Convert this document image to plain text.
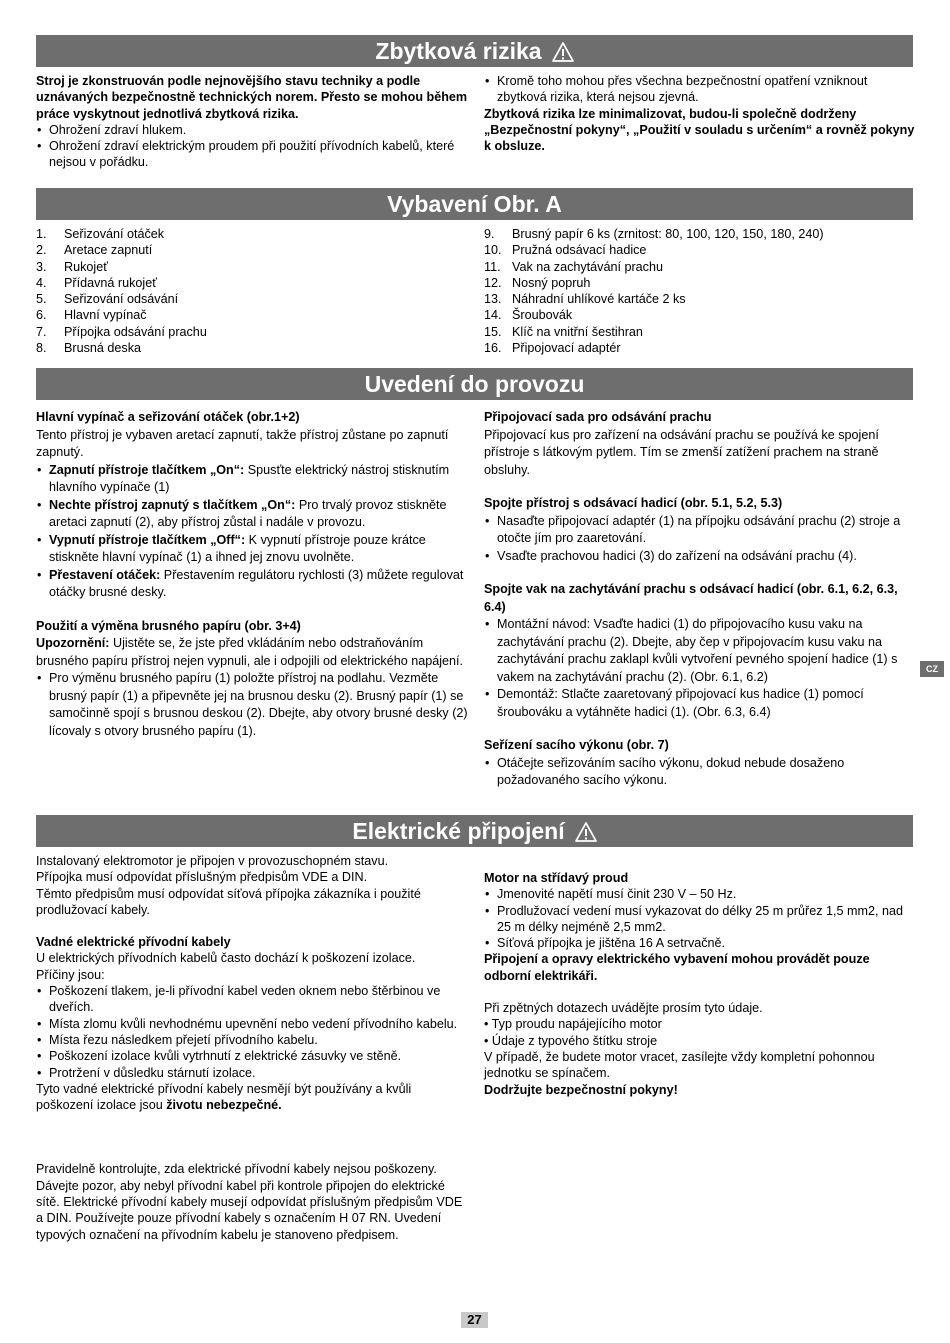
Zbytková rizika

Stroj je zkonstruován podle nejnovějšího stavu techniky a podle uznávaných bezpečnostně technických norem. Přesto se mohou během práce vyskytnout jednotlivá zbytková rizika.

• Ohrožení zdraví hlukem.
• Ohrožení zdraví elektrickým proudem při použití přívodních kabelů, které nejsou v pořádku.
• Kromě toho mohou přes všechna bezpečnostní opatření vzniknout zbytková rizika, která nejsou zjevná.

Zbytková rizika lze minimalizovat, budou-li společně dodrženy „Bezpečnostní pokyny“, „Použití v souladu s určením“ a rovněž pokyny k obsluze.

Vybavení Obr. A
1.	Seřizování otáček
2.	Aretace zapnutí
3.	Rukojeť
4.	Přídavná rukojeť
5.	Seřizování odsávání
6.	Hlavní vypínač
7.	Přípojka odsávání prachu
8.	Brusná deska
9.	Brusný papír 6 ks (zrnitost: 80, 100, 120, 150, 180, 240)
10. Pružná odsávací hadice
11. Vak na zachytávání prachu
12. Nosný popruh
13. Náhradní uhlíkové kartáče 2 ks
14. Šroubovák
15. Klíč na vnitřní šestihran
16. Připojovací adaptér
Uvedení do provozu

Hlavní vypínač a seřizování otáček (obr.1+2)

Tento přístroj je vybaven aretací zapnutí, takže přístroj zůstane po zapnutí zapnutý.

• Zapnutí přístroje tlačítkem „On“: Spusťte elektrický nástroj stisknutím hlavního vypínače (1)
• Nechte přístroj zapnutý s tlačítkem „On“: Pro trvalý provoz stiskněte aretaci zapnutí (2), aby přístroj zůstal i nadále v provozu.
• Vypnutí přístroje tlačítkem „Off“: K vypnutí přístroje pouze krátce stiskněte hlavní vypínač (1) a ihned jej znovu uvolněte.
• Přestavení otáček: Přestavením regulátoru rychlosti (3) můžete regulovat otáčky brusné desky.

Použití a výměna brusného papíru (obr. 3+4)

Upozornění: Ujistěte se, že jste před vkládáním nebo odstraňováním brusného papíru přístroj nejen vypnuli, ale i odpojili od elektrického napájení.

• Pro výměnu brusného papíru (1) položte přístroj na podlahu. Vezměte brusný papír (1) a připevněte jej na brusnou desku (2). Brusný papír (1) se samočinně spojí s brusnou deskou (2). Dbejte, aby otvory brusné desky (2) lícovaly s otvory brusného papíru (1).

Připojovací sada pro odsávání prachu

Připojovací kus pro zařízení na odsávání prachu se používá ke spojení přístroje s látkovým pytlem. Tím se zmenší zatížení prachem na straně obsluhy.

Spojte přístroj s odsávací hadicí (obr. 5.1, 5.2, 5.3)

• Nasaďte připojovací adaptér (1) na přípojku odsávání prachu (2) stroje a otočte jím pro zaaretování.
• Vsaďte prachovou hadici (3) do zařízení na odsávání prachu (4).

Spojte vak na zachytávání prachu s odsávací hadicí (obr. 6.1, 6.2, 6.3, 6.4)

• Montážní návod: Vsaďte hadici (1) do připojovacího kusu vaku na zachytávání prachu (2). Dbejte, aby čep v připojovacím kusu vaku na zachytávání prachu zaklapl kvůli vytvoření pevného spojení hadice (1) s vakem na zachytávání prachu (2). (Obr. 6.1, 6.2)
• Demontáž: Stlačte zaaretovaný připojovací kus hadice (1) pomocí šroubováku a vytáhněte hadici (1). (Obr. 6.3, 6.4)

Seřízení sacího výkonu (obr. 7)

• Otáčejte seřizováním sacího výkonu, dokud nebude dosaženo požadovaného sacího výkonu.
CZ
Elektrické připojení

Instalovaný elektromotor je připojen v provozuschopném stavu.

Přípojka musí odpovídat příslušným předpisům VDE a DIN.

Těmto předpisům musí odpovídat síťová přípojka zákazníka i použité prodlužovací kabely.

Vadné elektrické přívodní kabely

U elektrických přívodních kabelů často dochází k poškození izolace.

Příčiny jsou:

• Poškození tlakem, je-li přívodní kabel veden oknem nebo štěrbinou ve dveřích.
• Místa zlomu kvůli nevhodnému upevnění nebo vedení přívodního kabelu.
• Místa řezu následkem přejetí přívodního kabelu.
• Poškození izolace kvůli vytrhnutí z elektrické zásuvky ve stěně.
• Protržení v důsledku stárnutí izolace.

Tyto vadné elektrické přívodní kabely nesmějí být používány a kvůli poškození izolace jsou životu nebezpečné.

Pravidelně kontrolujte, zda elektrické přívodní kabely nejsou poškozeny. Dávejte pozor, aby nebyl přívodní kabel při kontrole připojen do elektrické sítě. Elektrické přívodní kabely musejí odpovídat příslušným předpisům VDE a DIN. Používejte pouze přívodní kabely s označením H 07 RN. Uvedení typových označení na přívodním kabelu je stanoveno předpisem.

Motor na střídavý proud

• Jmenovité napětí musí činit 230 V – 50 Hz.
• Prodlužovací vedení musí vykazovat do délky 25 m průřez 1,5 mm2, nad 25 m délky nejméně 2,5 mm2.
• Síťová přípojka je jištěna 16 A setrvačně.

Připojení a opravy elektrického vybavení mohou provádět pouze odborní elektrikáři.

Při zpětných dotazech uvádějte prosím tyto údaje.

• Typ proudu napájejícího motor

• Údaje z typového štítku stroje

V případě, že budete motor vracet, zasílejte vždy kompletní pohonnou jednotku se spínačem.

Dodržujte bezpečnostní pokyny!

27
